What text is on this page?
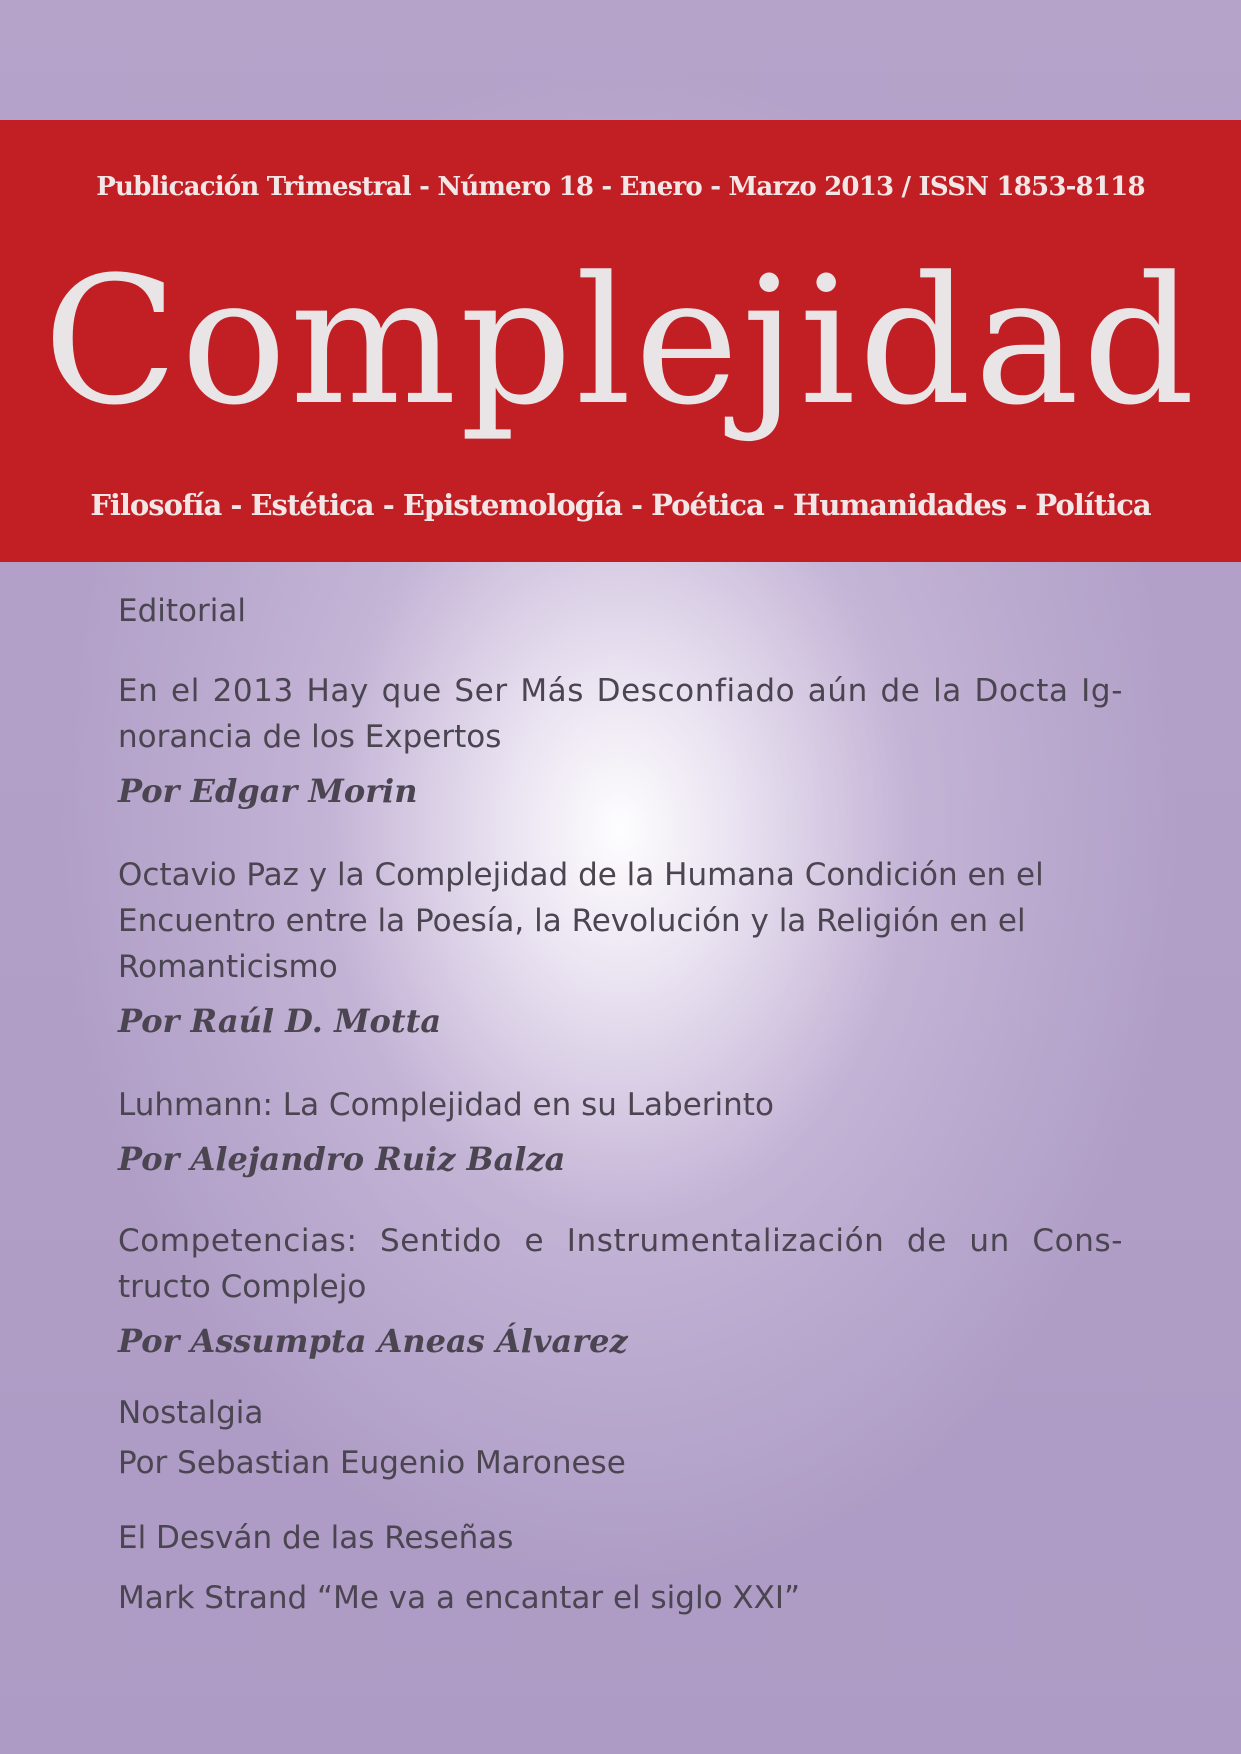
Publicación Trimestral - Número 18 - Enero - Marzo 2013 / ISSN 1853-8118
Complejidad
Filosofía - Estética - Epistemología - Poética - Humanidades - Política
Editorial
En el 2013 Hay que Ser Más Desconfiado aún de la Docta Ig-
norancia de los Expertos
Por Edgar Morin
Octavio Paz y la Complejidad de la Humana Condición en el
Encuentro entre la Poesía, la Revolución y la Religión en el
Romanticismo
Por Raúl D. Motta
Luhmann: La Complejidad en su Laberinto
Por Alejandro Ruiz Balza
Competencias: Sentido e Instrumentalización de un Cons-
tructo Complejo
Por Assumpta Aneas Álvarez
Nostalgia
Por Sebastian Eugenio Maronese
El Desván de las Reseñas
Mark Strand “Me va a encantar el siglo XXI”
